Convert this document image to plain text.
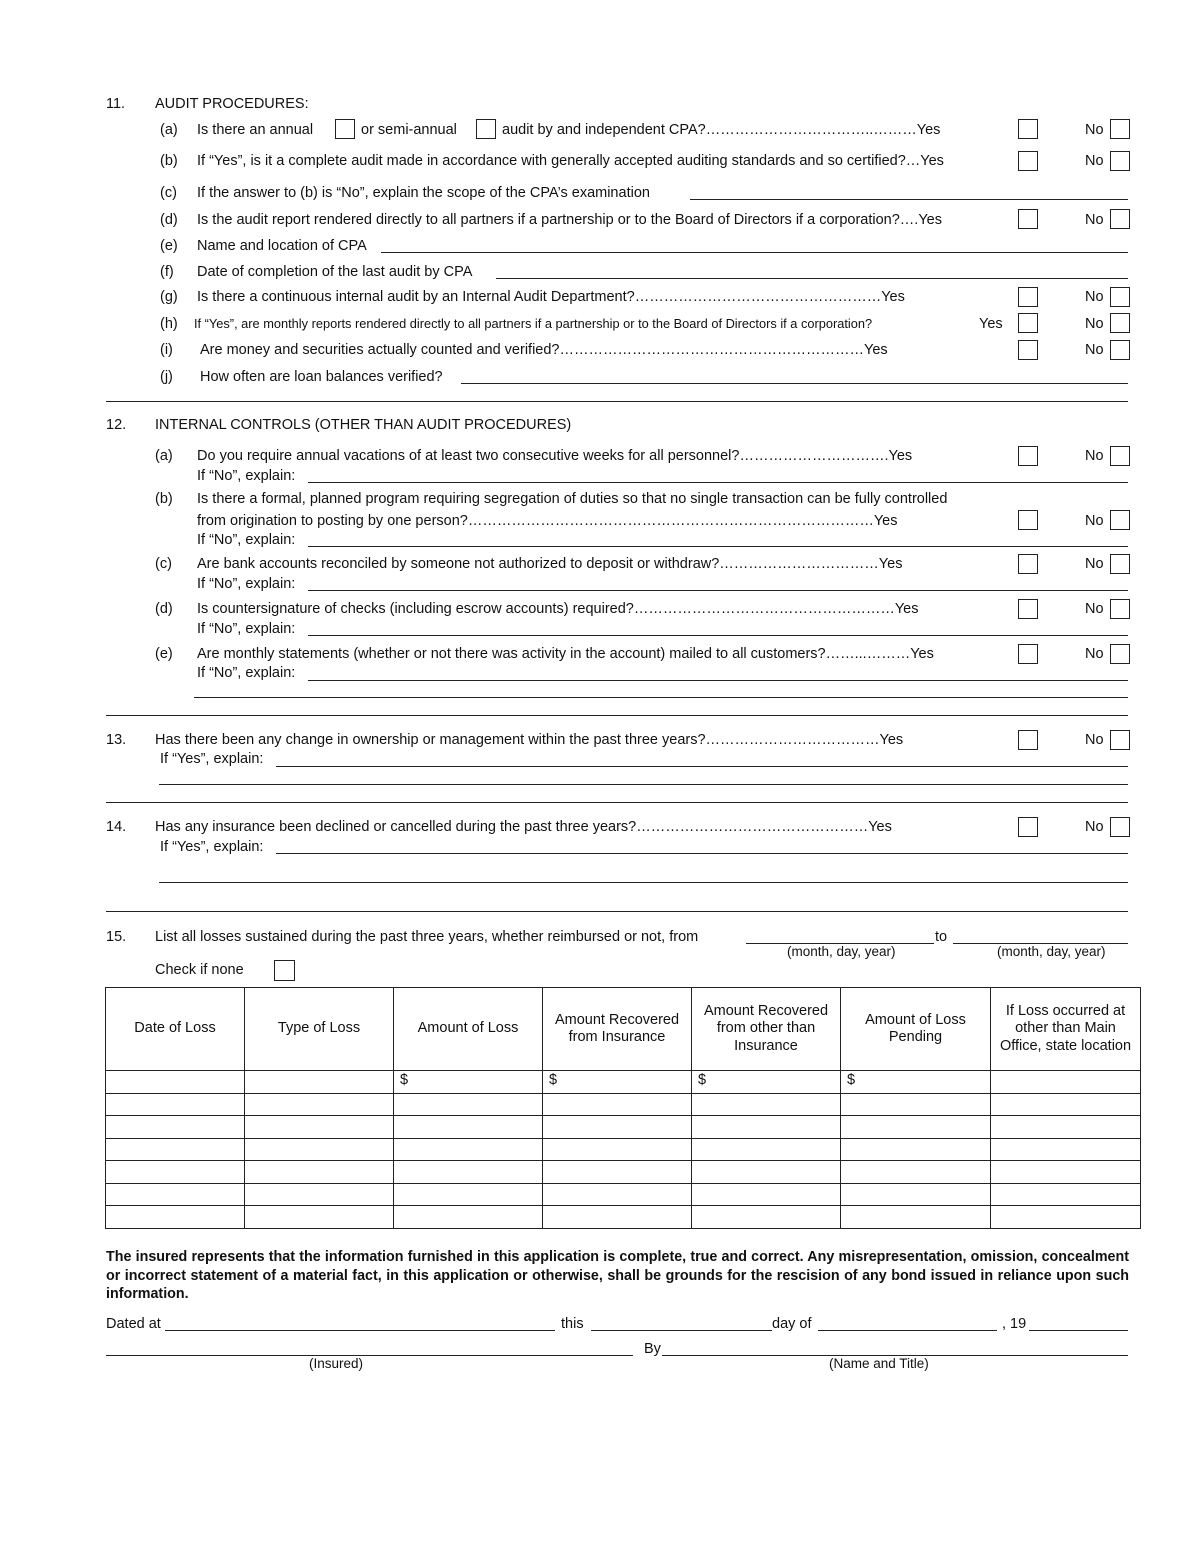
11. AUDIT PROCEDURES:
(a) Is there an annual	or semi-annual	audit by and independent CPA?……………………………..………Yes	No
(b) If “Yes”, is it a complete audit made in accordance with generally accepted auditing standards and so certified?…Yes	No
(c) If the answer to (b) is “No”, explain the scope of the CPA’s examination
(d) Is the audit report rendered directly to all partners if a partnership or to the Board of Directors if a corporation?….Yes	No
(e) Name and location of CPA
(f) Date of completion of the last audit by CPA
(g) Is there a continuous internal audit by an Internal Audit Department?……………………………………………Yes	No
(h) If “Yes”, are monthly reports rendered directly to all partners if a partnership or to the Board of Directors if a corporation?	Yes	No
(i) Are money and securities actually counted and verified?………………………………………………………Yes	No
(j) How often are loan balances verified?
12. INTERNAL CONTROLS (OTHER THAN AUDIT PROCEDURES)
(a) Do you require annual vacations of at least two consecutive weeks for all personnel?………………………….Yes	No
If “No”, explain:
(b) Is there a formal, planned program requiring segregation of duties so that no single transaction can be fully controlled
from origination to posting by one person?…………………………………………………………………………Yes	No
If “No”, explain:
(c) Are bank accounts reconciled by someone not authorized to deposit or withdraw?……………………………Yes	No
If “No”, explain:
(d) Is countersignature of checks (including escrow accounts) required?………………………………………………Yes	No
If “No”, explain:
(e) Are monthly statements (whether or not there was activity in the account) mailed to all customers?……...………Yes	No
If “No”, explain:
13. Has there been any change in ownership or management within the past three years?………………………………Yes	No
If “Yes”, explain:
14. Has any insurance been declined or cancelled during the past three years?…………………………………………Yes	No
If “Yes”, explain:
15. List all losses sustained during the past three years, whether reimbursed or not, from	to
(month, day, year)	(month, day, year)
Check if none
Date of Loss	Type of Loss	Amount of Loss	Amount Recovered from Insurance	Amount Recovered from other than Insurance	Amount of Loss Pending	If Loss occurred at other than Main Office, state location
		$	$	$	$	

The insured represents that the information furnished in this application is complete, true and correct. Any misrepresentation, omission, concealment or incorrect statement of a material fact, in this application or otherwise, shall be grounds for the rescision of any bond issued in reliance upon such information.
Dated at	this	day of	, 19
By
(Insured)	(Name and Title)
